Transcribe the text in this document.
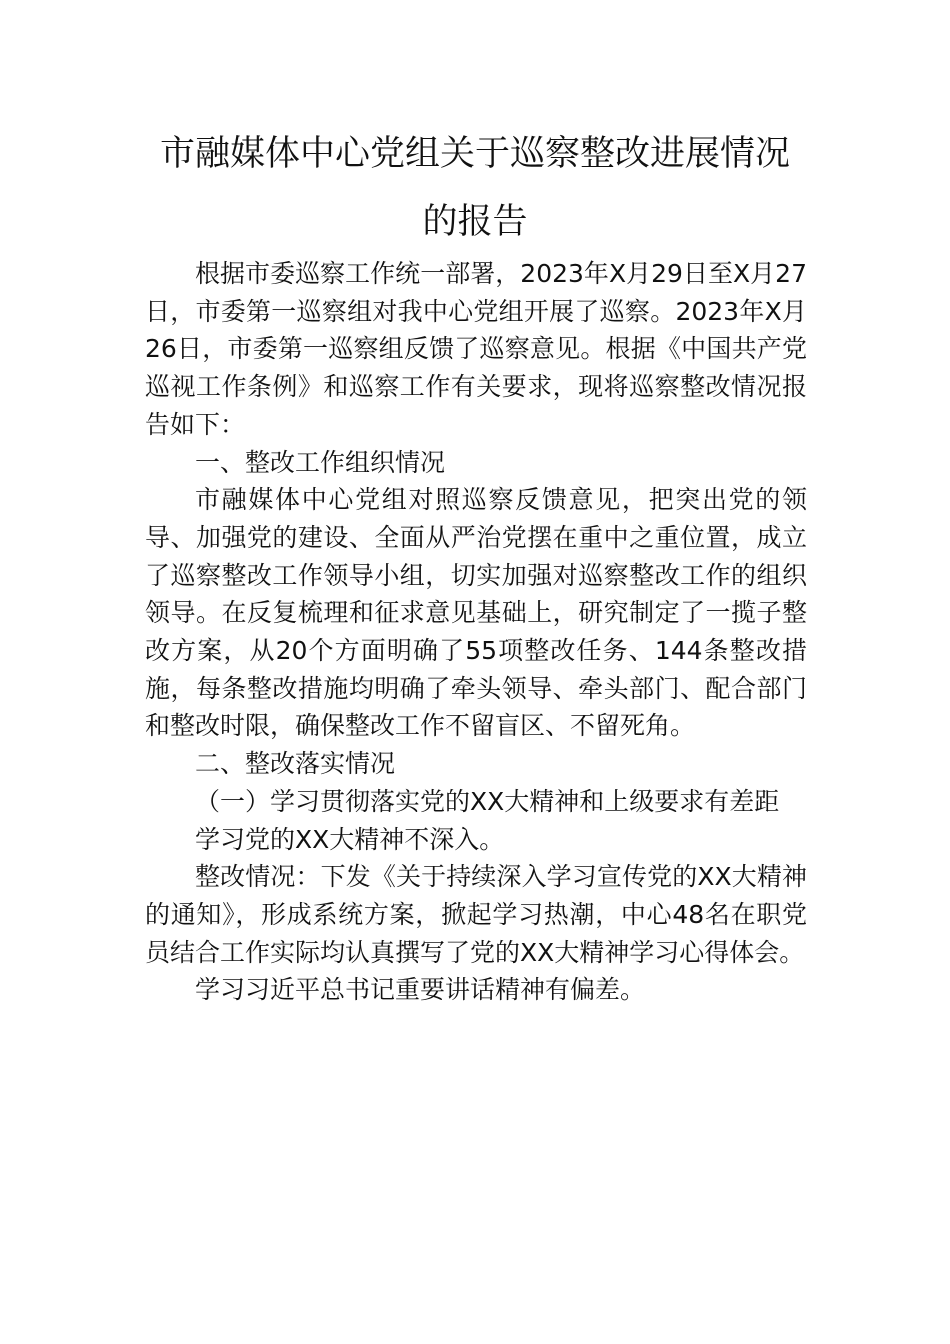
市融媒体中心党组关于巡察整改进展情况
的报告

根据市委巡察工作统一部署，2023年X月29日至X月27日，市委第一巡察组对我中心党组开展了巡察。2023年X月26日，市委第一巡察组反馈了巡察意见。根据《中国共产党巡视工作条例》和巡察工作有关要求，现将巡察整改情况报告如下：

一、整改工作组织情况

市融媒体中心党组对照巡察反馈意见，把突出党的领导、加强党的建设、全面从严治党摆在重中之重位置，成立了巡察整改工作领导小组，切实加强对巡察整改工作的组织领导。在反复梳理和征求意见基础上，研究制定了一揽子整改方案，从20个方面明确了55项整改任务、144条整改措施，每条整改措施均明确了牵头领导、牵头部门、配合部门和整改时限，确保整改工作不留盲区、不留死角。

二、整改落实情况

（一）学习贯彻落实党的XX大精神和上级要求有差距

学习党的XX大精神不深入。

整改情况：下发《关于持续深入学习宣传党的XX大精神的通知》，形成系统方案，掀起学习热潮，中心48名在职党员结合工作实际均认真撰写了党的XX大精神学习心得体会。

学习习近平总书记重要讲话精神有偏差。
